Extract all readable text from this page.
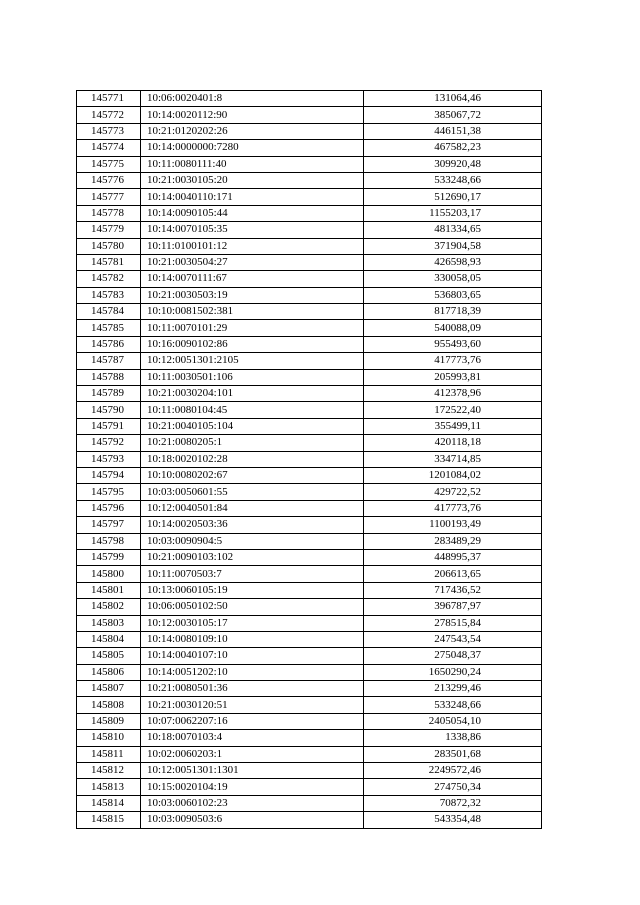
145771	10:06:0020401:8	131064,46
145772	10:14:0020112:90	385067,72
145773	10:21:0120202:26	446151,38
145774	10:14:0000000:7280	467582,23
145775	10:11:0080111:40	309920,48
145776	10:21:0030105:20	533248,66
145777	10:14:0040110:171	512690,17
145778	10:14:0090105:44	1155203,17
145779	10:14:0070105:35	481334,65
145780	10:11:0100101:12	371904,58
145781	10:21:0030504:27	426598,93
145782	10:14:0070111:67	330058,05
145783	10:21:0030503:19	536803,65
145784	10:10:0081502:381	817718,39
145785	10:11:0070101:29	540088,09
145786	10:16:0090102:86	955493,60
145787	10:12:0051301:2105	417773,76
145788	10:11:0030501:106	205993,81
145789	10:21:0030204:101	412378,96
145790	10:11:0080104:45	172522,40
145791	10:21:0040105:104	355499,11
145792	10:21:0080205:1	420118,18
145793	10:18:0020102:28	334714,85
145794	10:10:0080202:67	1201084,02
145795	10:03:0050601:55	429722,52
145796	10:12:0040501:84	417773,76
145797	10:14:0020503:36	1100193,49
145798	10:03:0090904:5	283489,29
145799	10:21:0090103:102	448995,37
145800	10:11:0070503:7	206613,65
145801	10:13:0060105:19	717436,52
145802	10:06:0050102:50	396787,97
145803	10:12:0030105:17	278515,84
145804	10:14:0080109:10	247543,54
145805	10:14:0040107:10	275048,37
145806	10:14:0051202:10	1650290,24
145807	10:21:0080501:36	213299,46
145808	10:21:0030120:51	533248,66
145809	10:07:0062207:16	2405054,10
145810	10:18:0070103:4	1338,86
145811	10:02:0060203:1	283501,68
145812	10:12:0051301:1301	2249572,46
145813	10:15:0020104:19	274750,34
145814	10:03:0060102:23	70872,32
145815	10:03:0090503:6	543354,48
